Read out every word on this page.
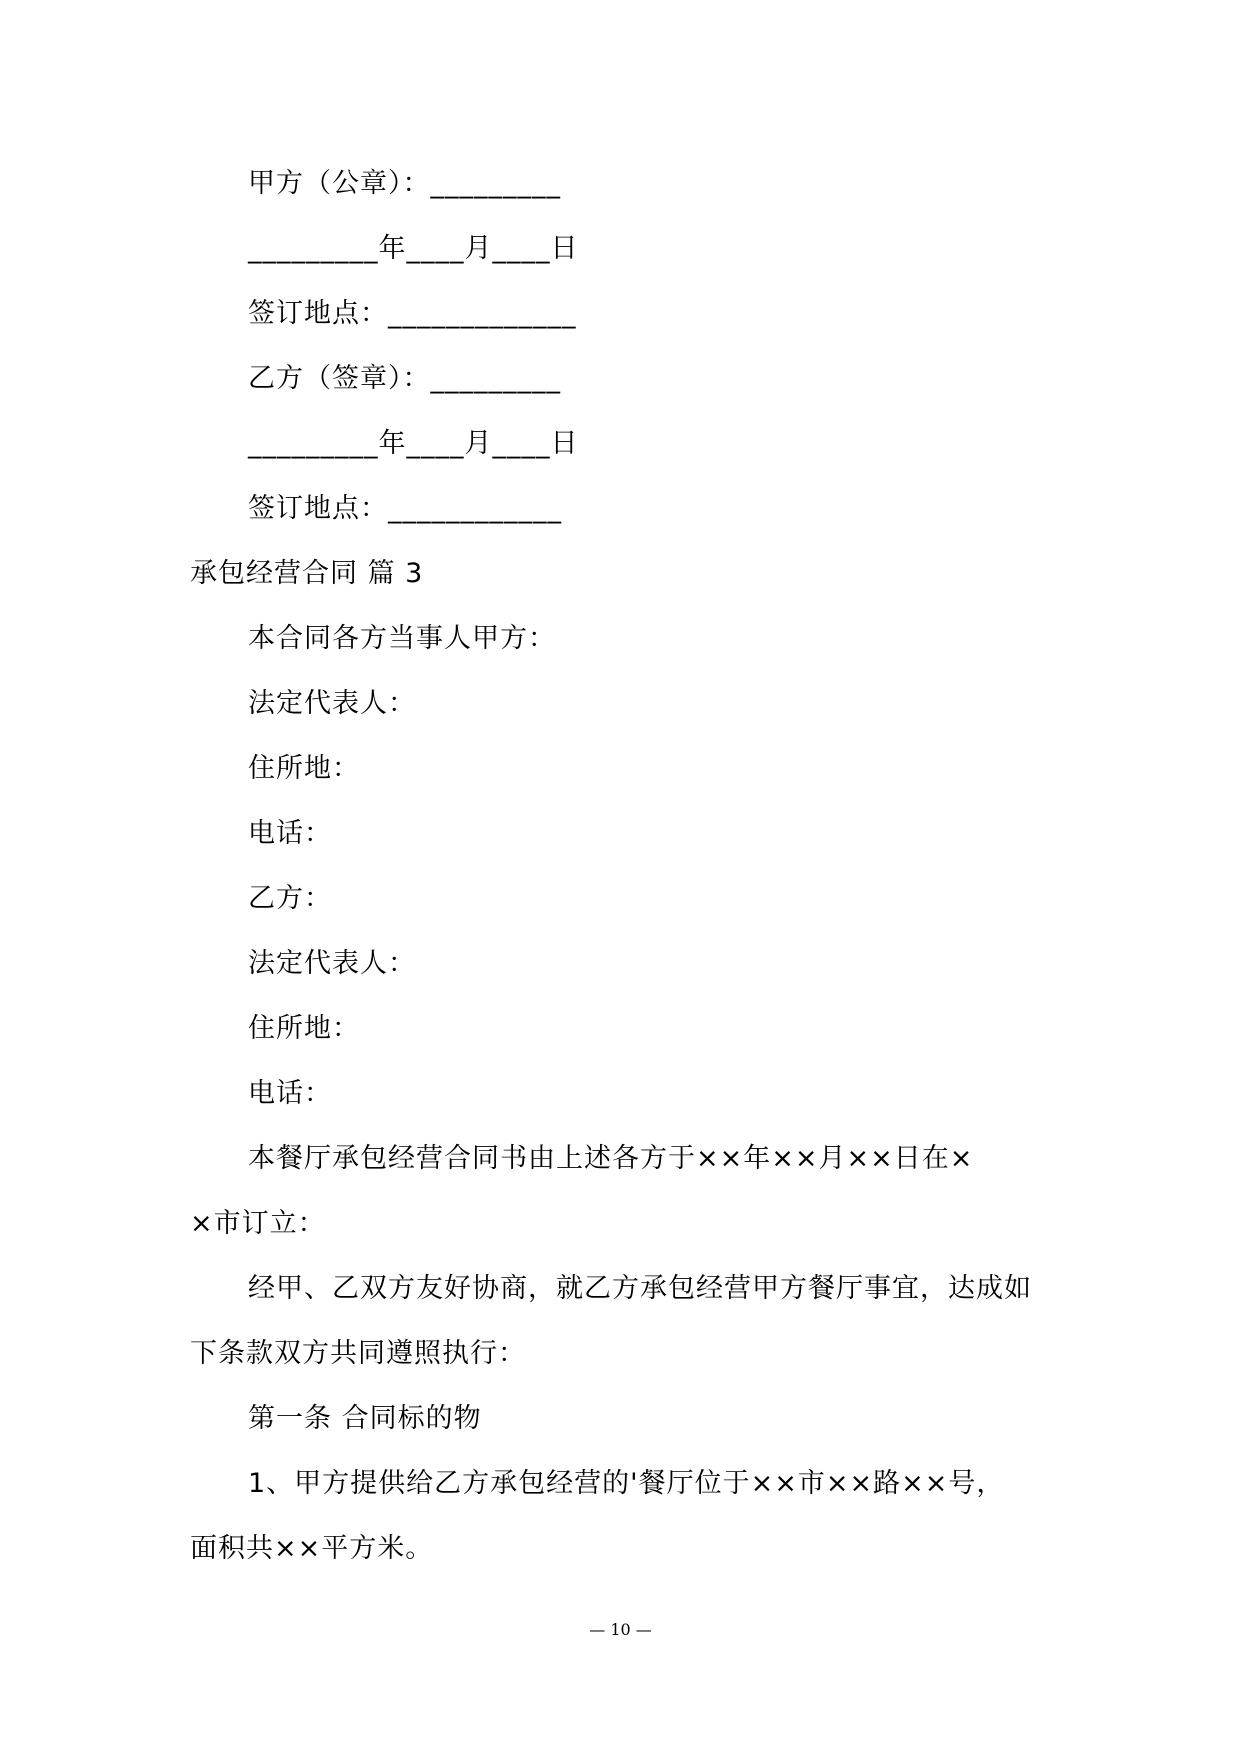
甲方（公章）：_________
_________年____月____日
签订地点：_____________
乙方（签章）：_________
_________年____月____日
签订地点：____________
承包经营合同 篇 3
本合同各方当事人甲方：
法定代表人：
住所地：
电话：
乙方：
法定代表人：
住所地：
电话：
本餐厅承包经营合同书由上述各方于××年××月××日在×
×市订立：
经甲、乙双方友好协商，就乙方承包经营甲方餐厅事宜，达成如
下条款双方共同遵照执行：
第一条 合同标的物
1、甲方提供给乙方承包经营的'餐厅位于××市××路××号，
面积共××平方米。
— 10 —
